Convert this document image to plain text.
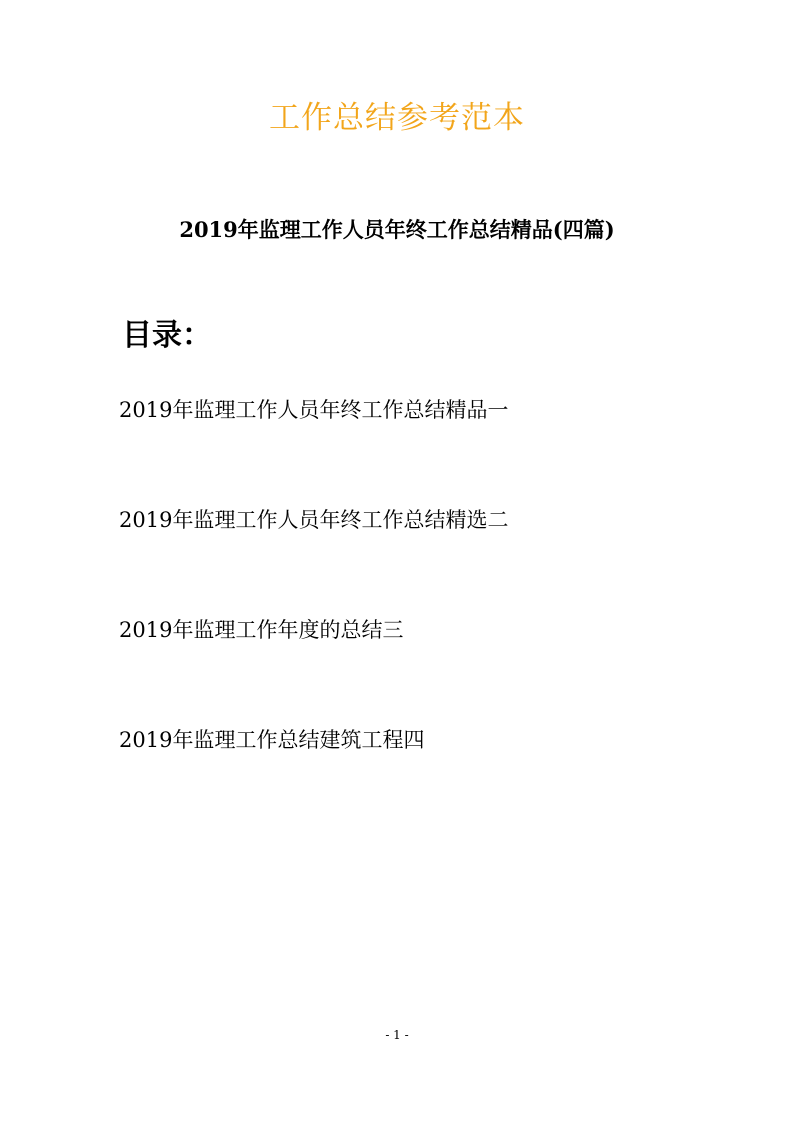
工作总结参考范本
2019年监理工作人员年终工作总结精品(四篇)
目录：
2019年监理工作人员年终工作总结精品一
2019年监理工作人员年终工作总结精选二
2019年监理工作年度的总结三
2019年监理工作总结建筑工程四
- 1 -
